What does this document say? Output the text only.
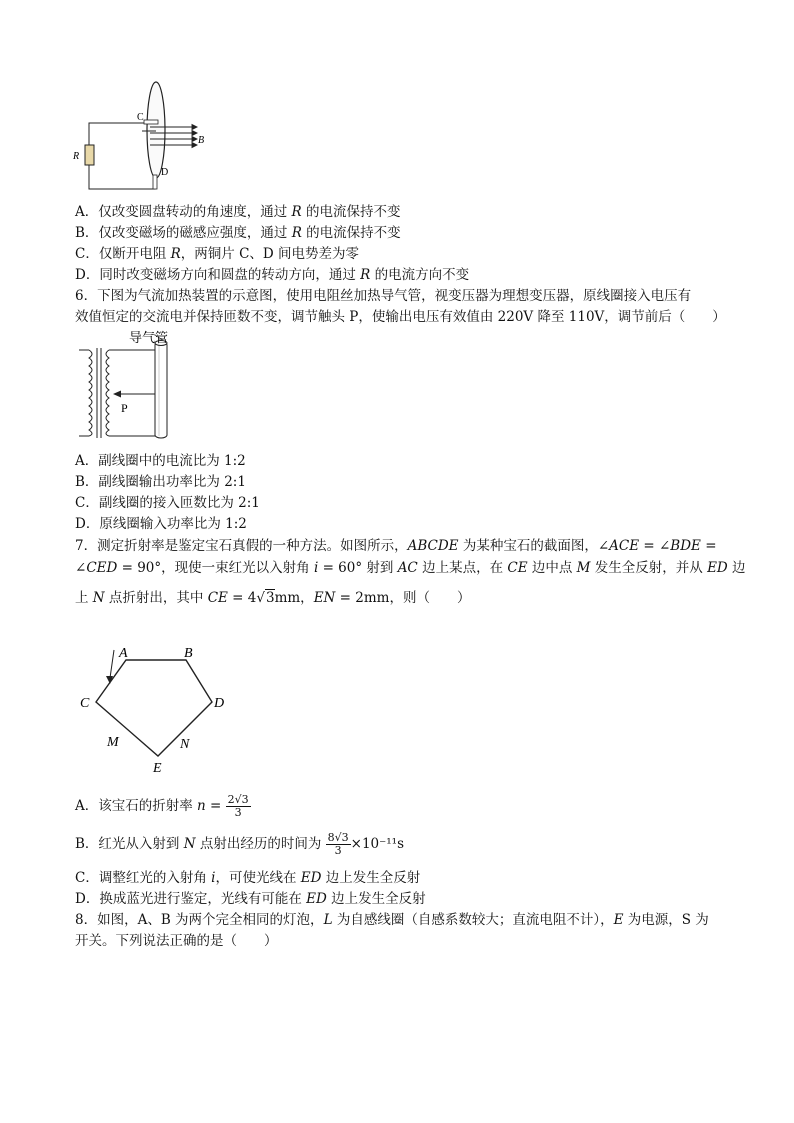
C
D
R
B
A．仅改变圆盘转动的角速度，通过 R 的电流保持不变
B．仅改变磁场的磁感应强度，通过 R 的电流保持不变
C．仅断开电阻 R，两铜片 C、D 间电势差为零
D．同时改变磁场方向和圆盘的转动方向，通过 R 的电流方向不变
6．下图为气流加热装置的示意图，使用电阻丝加热导气管，视变压器为理想变压器，原线圈接入电压有
效值恒定的交流电并保持匝数不变，调节触头 P，使输出电压有效值由 220V 降至 110V，调节前后（　　）
导气管
P
A．副线圈中的电流比为 1:2
B．副线圈输出功率比为 2:1
C．副线圈的接入匝数比为 2:1
D．原线圈输入功率比为 1:2
7．测定折射率是鉴定宝石真假的一种方法。如图所示，ABCDE 为某种宝石的截面图，∠ACE = ∠BDE =
∠CED = 90°，现使一束红光以入射角 i = 60° 射到 AC 边上某点，在 CE 边中点 M 发生全反射，并从 ED 边
上 N 点折射出，其中 CE = 4√3mm，EN = 2mm，则（　　）
A	B
C	D
E
M	N
A．该宝石的折射率 $n = \frac{2√3}{3}$
B．红光从入射到 N 点射出经历的时间为 $\frac{8√3}{3} \times 10^{-11}s$
C．调整红光的入射角 i，可使光线在 ED 边上发生全反射
D．换成蓝光进行鉴定，光线有可能在 ED 边上发生全反射
8．如图，A、B 为两个完全相同的灯泡，L 为自感线圈（自感系数较大；直流电阻不计），E 为电源，S 为
开关。下列说法正确的是（　　）
